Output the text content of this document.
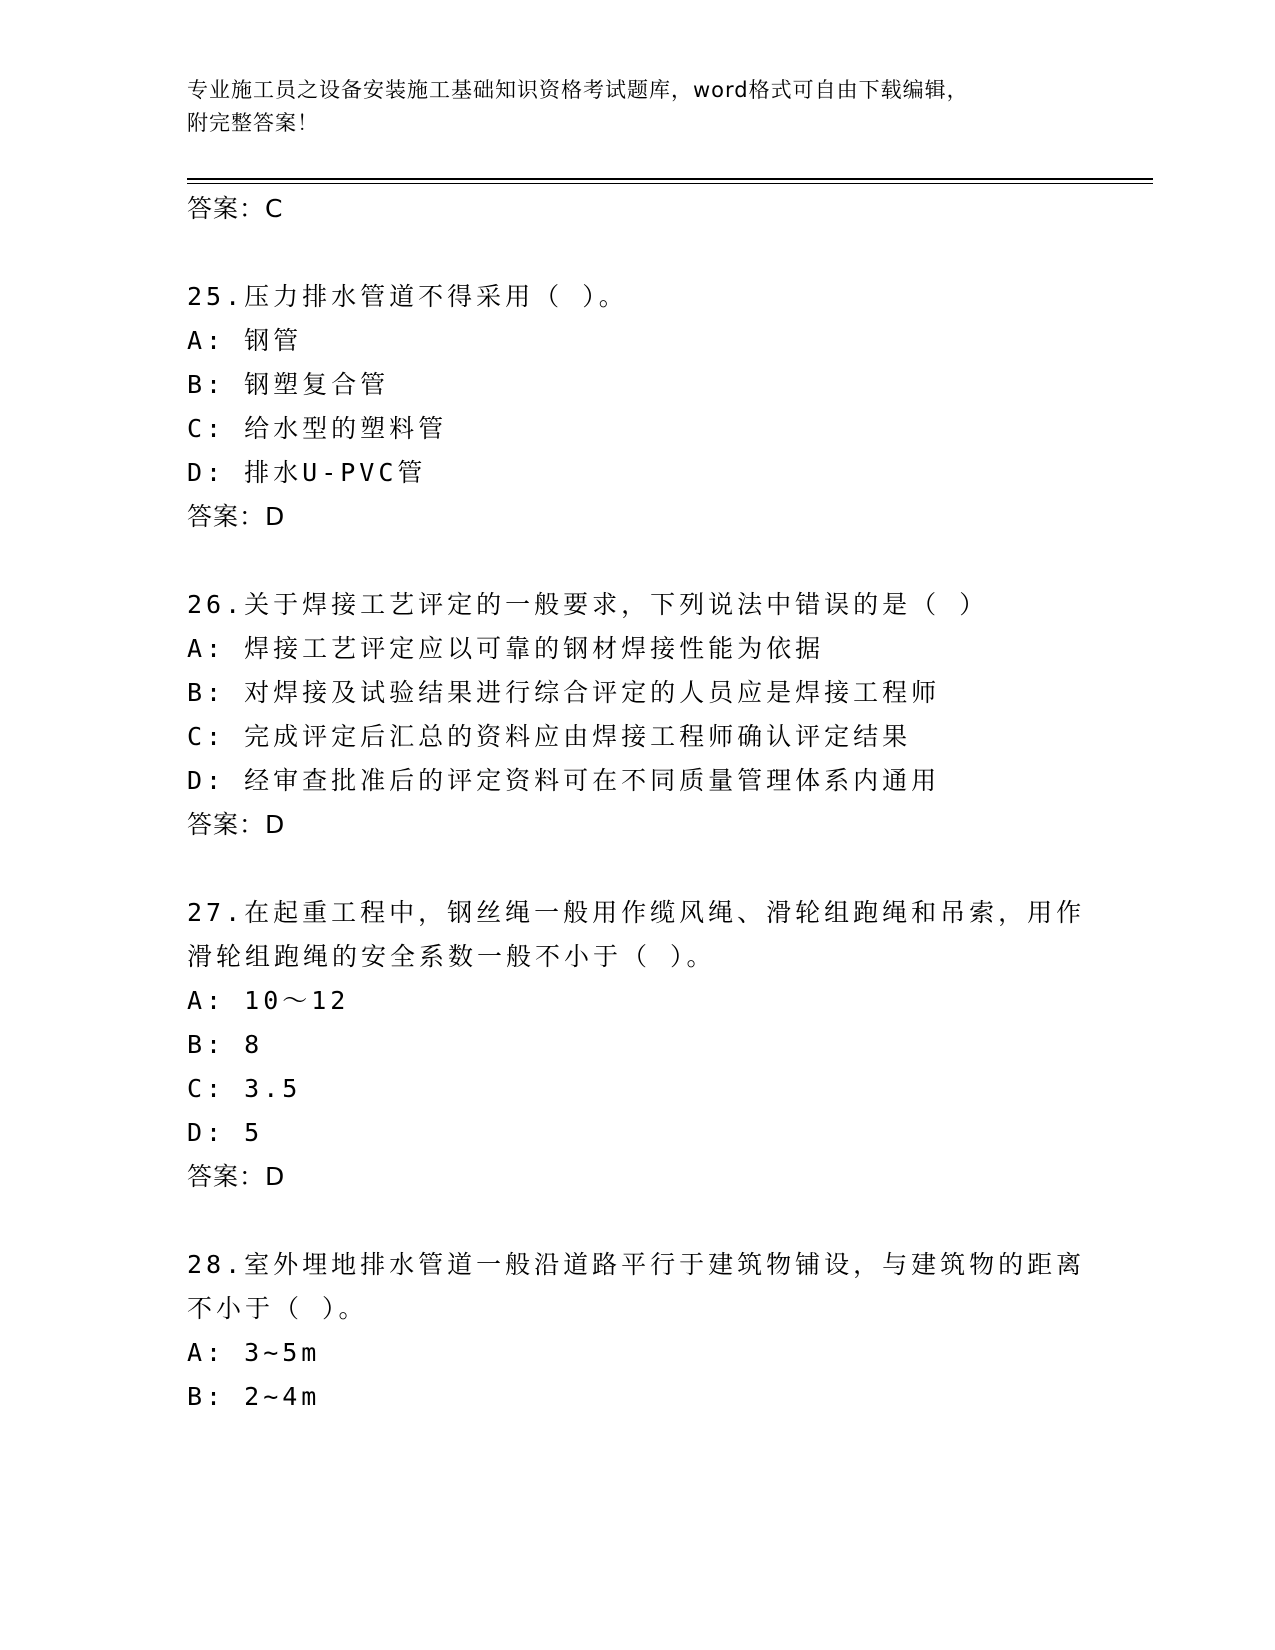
专业施工员之设备安装施工基础知识资格考试题库，word格式可自由下载编辑，
附完整答案！
答案：C
25.压力排水管道不得采用（ ）。
A: 钢管
B: 钢塑复合管
C: 给水型的塑料管
D: 排水U-PVC管
答案：D
26.关于焊接工艺评定的一般要求，下列说法中错误的是（ ）
A: 焊接工艺评定应以可靠的钢材焊接性能为依据
B: 对焊接及试验结果进行综合评定的人员应是焊接工程师
C: 完成评定后汇总的资料应由焊接工程师确认评定结果
D: 经审查批准后的评定资料可在不同质量管理体系内通用
答案：D
27.在起重工程中，钢丝绳一般用作缆风绳、滑轮组跑绳和吊索，用作
滑轮组跑绳的安全系数一般不小于（ ）。
A: 10～12
B: 8
C: 3.5
D: 5
答案：D
28.室外埋地排水管道一般沿道路平行于建筑物铺设，与建筑物的距离
不小于（ ）。
A: 3~5m
B: 2~4m
